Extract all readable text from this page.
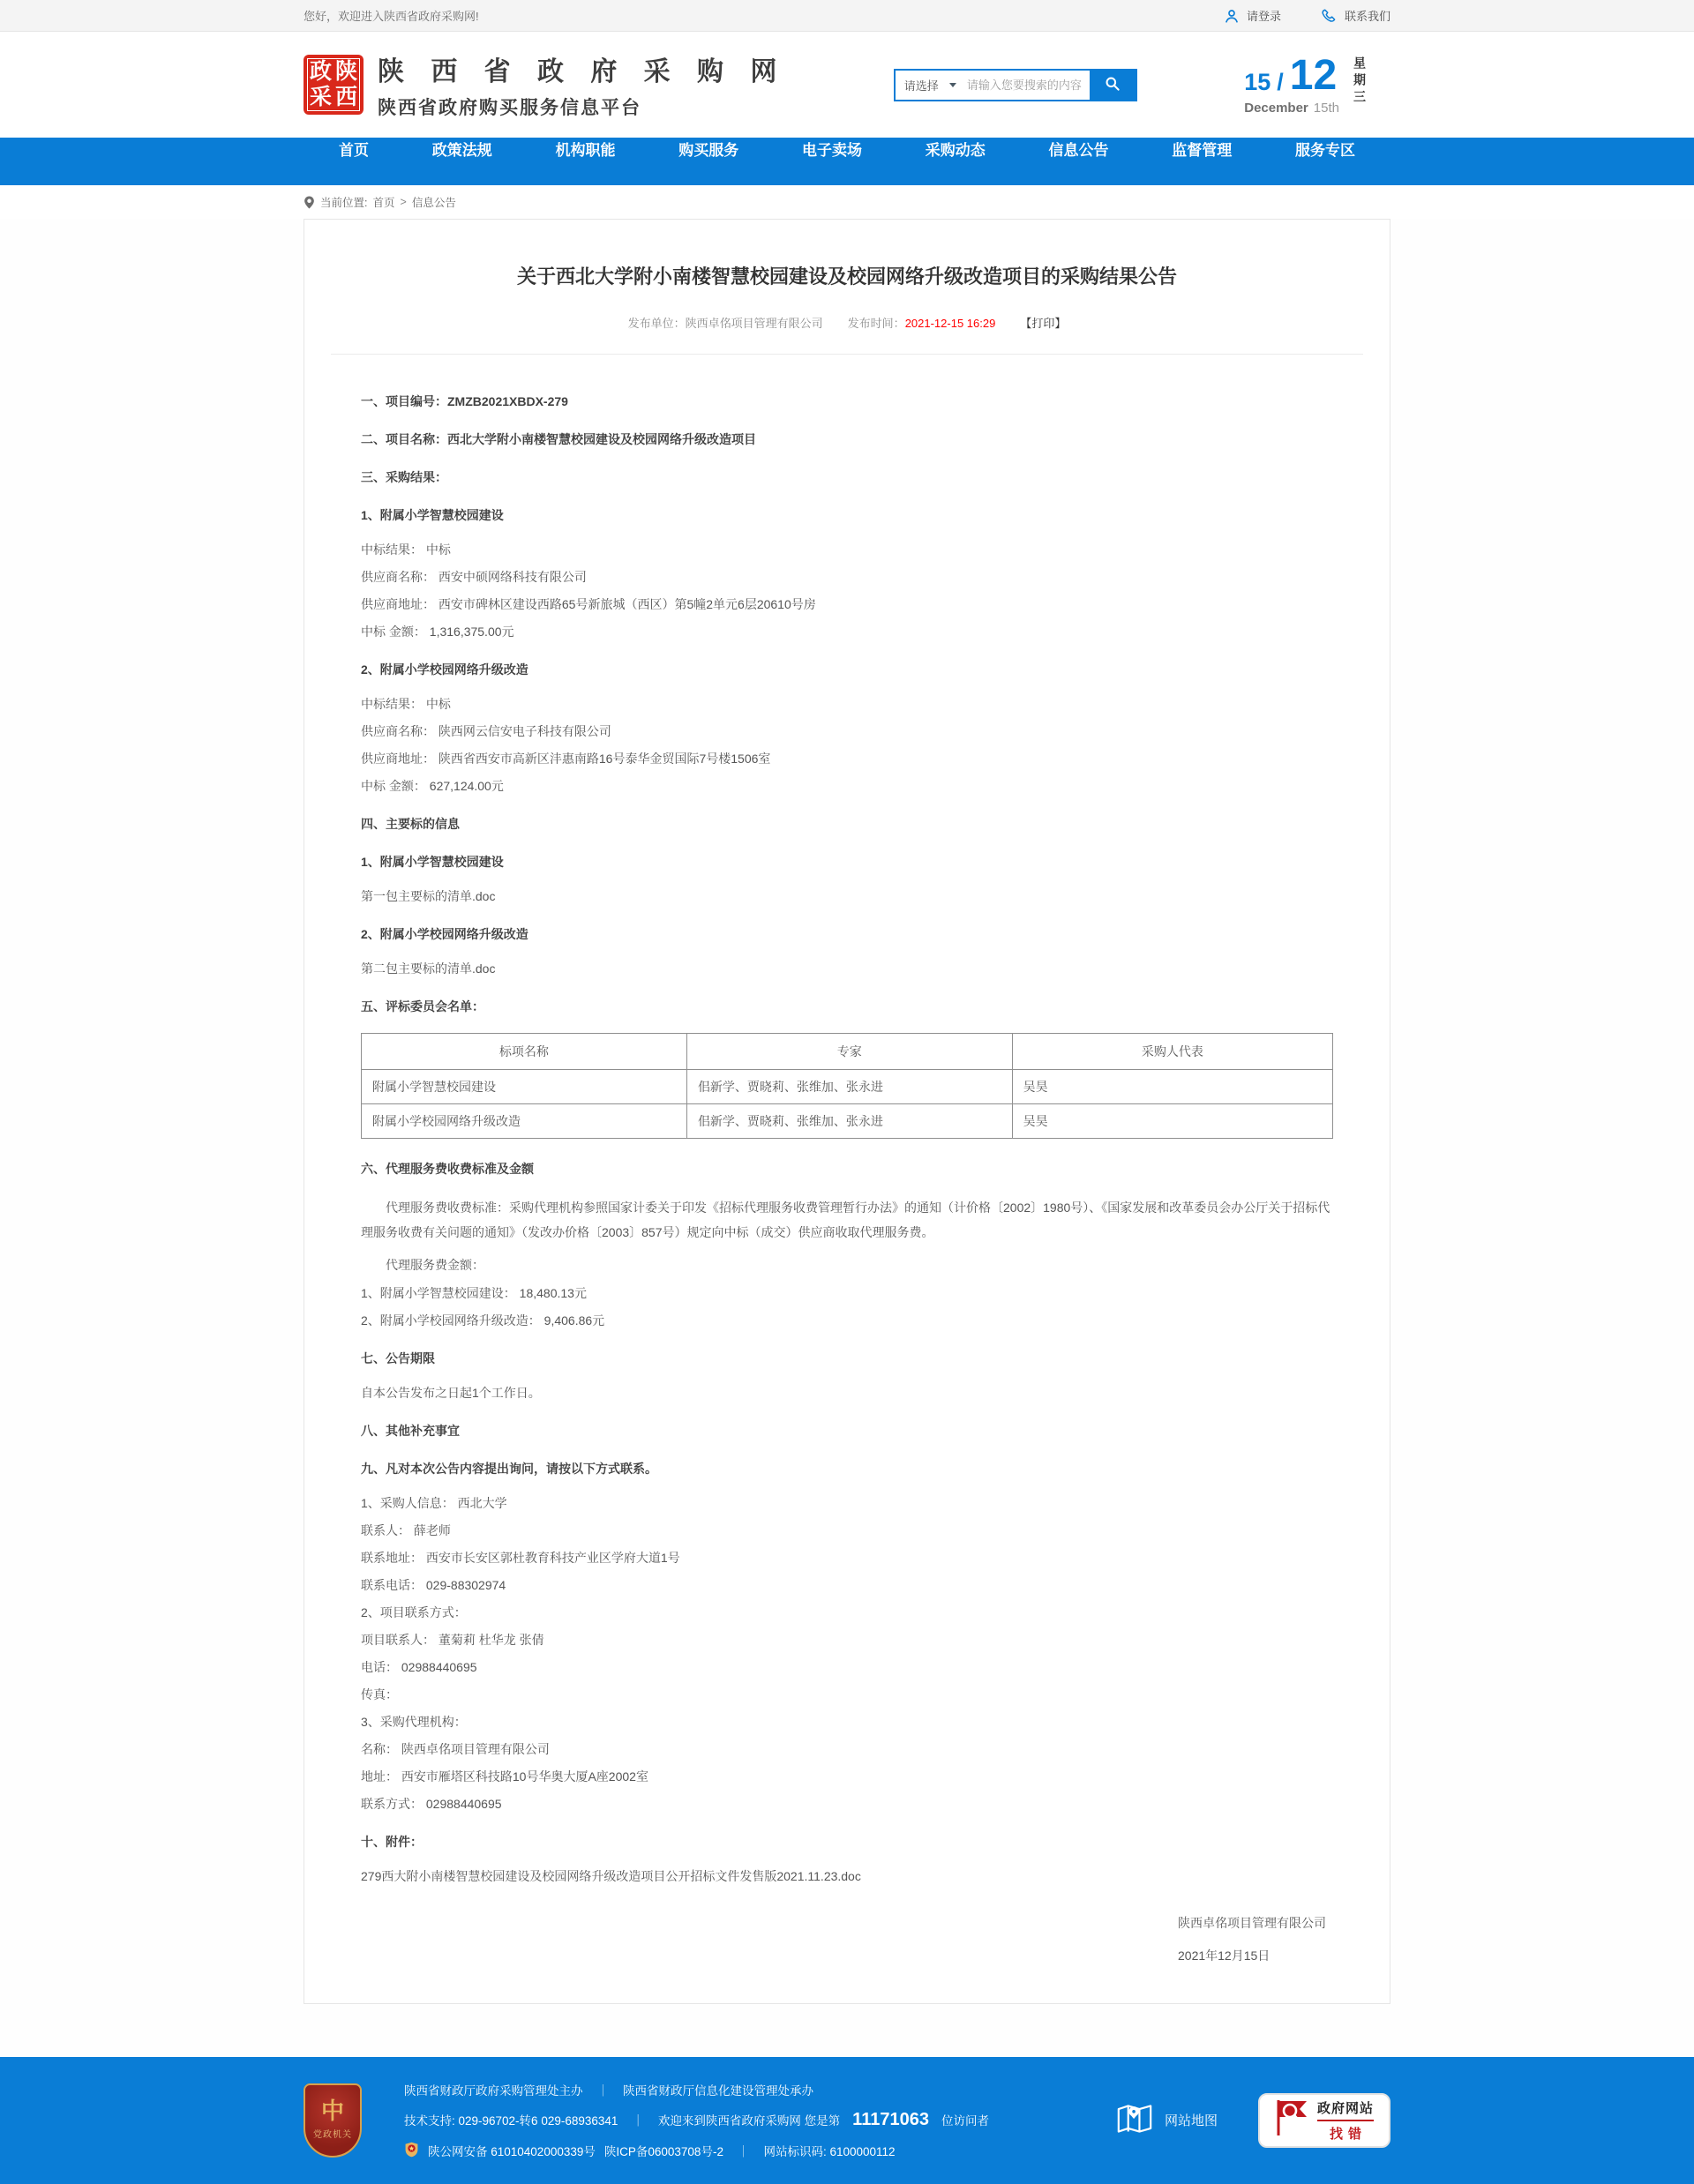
您好，欢迎进入陕西省政府采购网!	请登录	联系我们
政 陕
采 西
陕 西 省 政 府 采 购 网
陕西省政府购买服务信息平台
请选择
请输入您要搜索的内容	15 / 12
December 15th
星期三
首页	政策法规	机构职能	购买服务	电子卖场	采购动态	信息公告	监督管理	服务专区
当前位置: 首页 > 信息公告
关于西北大学附小南楼智慧校园建设及校园网络升级改造项目的采购结果公告
发布单位：陕西卓佲项目管理有限公司 发布时间：2021-12-15 16:29 【打印】

一、项目编号：ZMZB2021XBDX-279

二、项目名称：西北大学附小南楼智慧校园建设及校园网络升级改造项目

三、采购结果：

1、附属小学智慧校园建设

中标结果： 中标

供应商名称： 西安中硕网络科技有限公司

供应商地址： 西安市碑林区建设西路65号新旅城（西区）第5幢2单元6层20610号房

中标 金额： 1,316,375.00元

2、附属小学校园网络升级改造

中标结果： 中标

供应商名称： 陕西网云信安电子科技有限公司

供应商地址： 陕西省西安市高新区沣惠南路16号泰华金贸国际7号楼1506室

中标 金额： 627,124.00元

四、主要标的信息

1、附属小学智慧校园建设

第一包主要标的清单.doc

2、附属小学校园网络升级改造

第二包主要标的清单.doc

五、评标委员会名单：

标项名称	专家	采购人代表
附属小学智慧校园建设	佀新学、贾晓莉、张维加、张永进	吴昊
附属小学校园网络升级改造	佀新学、贾晓莉、张维加、张永进	吴昊

六、代理服务费收费标准及金额

代理服务费收费标准：采购代理机构参照国家计委关于印发《招标代理服务收费管理暂行办法》的通知（计价格〔2002〕1980号）、《国家发展和改革委员会办公厅关于招标代理服务收费有关问题的通知》（发改办价格〔2003〕857号）规定向中标（成交）供应商收取代理服务费。

代理服务费金额：

1、附属小学智慧校园建设： 18,480.13元

2、附属小学校园网络升级改造： 9,406.86元

七、公告期限

自本公告发布之日起1个工作日。

八、其他补充事宜

九、凡对本次公告内容提出询问，请按以下方式联系。

1、采购人信息： 西北大学

联系人： 薛老师

联系地址： 西安市长安区郭杜教育科技产业区学府大道1号

联系电话： 029-88302974

2、项目联系方式：

项目联系人： 董菊莉 杜华龙 张倩

电话： 02988440695

传真：

3、采购代理机构：

名称： 陕西卓佲项目管理有限公司

地址： 西安市雁塔区科技路10号华奥大厦A座2002室

联系方式： 02988440695

十、附件：

279西大附小南楼智慧校园建设及校园网络升级改造项目公开招标文件发售版2021.11.23.doc

陕西卓佲项目管理有限公司
2021年12月15日
中
党政机关
陕西省财政厅政府采购管理处主办	｜	陕西省财政厅信息化建设管理处承办
技术支持: 029-96702-转6 029-68936341	｜	欢迎来到陕西省政府采购网 您是第 11171063 位访问者
陕公网安备 61010402000339号 陕ICP备06003708号-2	｜	网站标识码: 6100000112
网站地图
政府网站
找错
